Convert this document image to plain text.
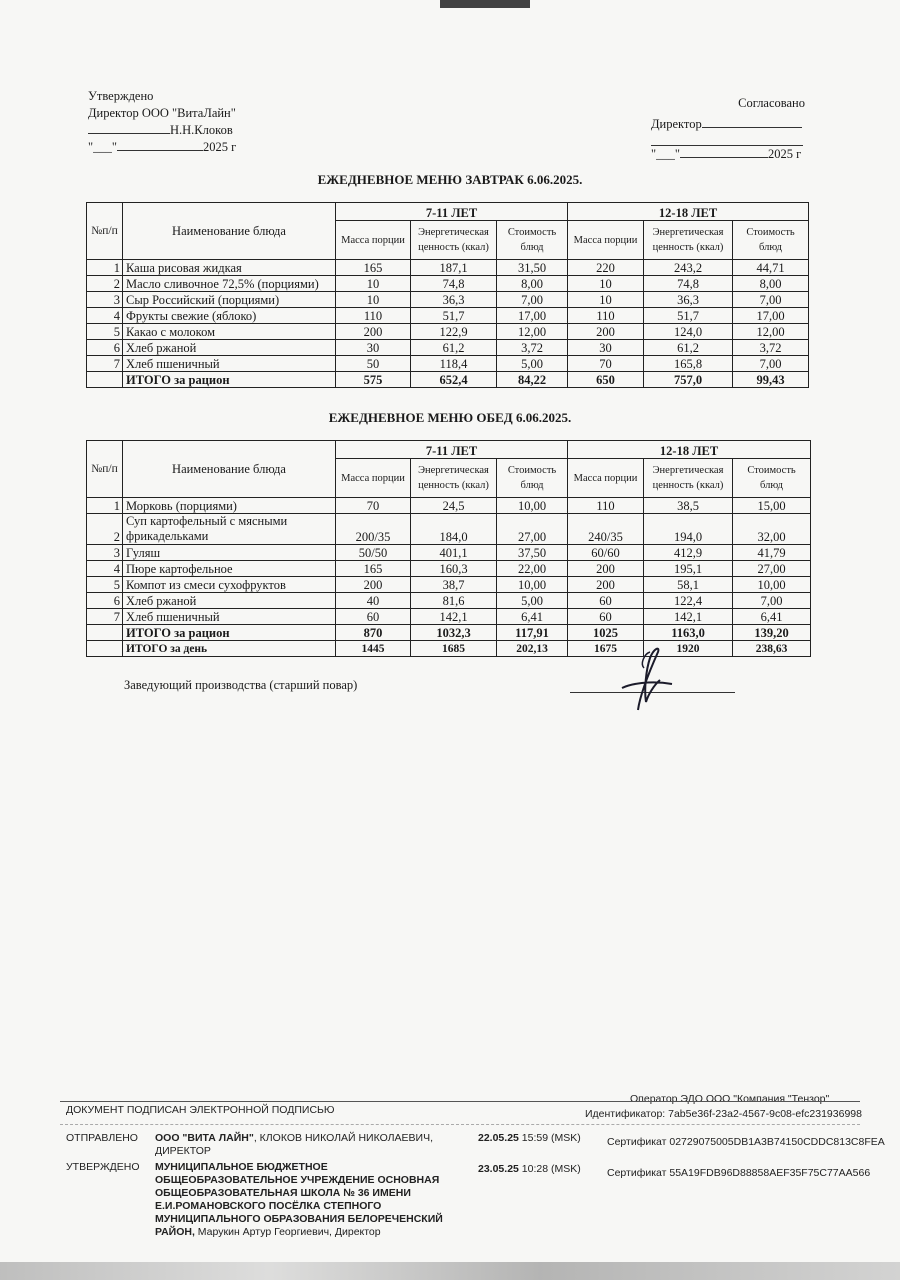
Утверждено
Директор ООО "ВитаЛайн"
Н.Н.Клоков
"___"	2025 г
Согласовано
Директор
"___"	2025 г
ЕЖЕДНЕВНОЕ МЕНЮ ЗАВТРАК 6.06.2025.
№п/п	Наименование блюда	7-11 ЛЕТ			12-18 ЛЕТ		
		Масса порции	Энергетическая ценность (ккал)	Стоимость блюд	Масса порции	Энергетическая ценность (ккал)	Стоимость блюд
1	Каша рисовая жидкая	165	187,1	31,50	220	243,2	44,71
2	Масло сливочное 72,5% (порциями)	10	74,8	8,00	10	74,8	8,00
3	Сыр Российский (порциями)	10	36,3	7,00	10	36,3	7,00
4	Фрукты свежие (яблоко)	110	51,7	17,00	110	51,7	17,00
5	Какао с молоком	200	122,9	12,00	200	124,0	12,00
6	Хлеб ржаной	30	61,2	3,72	30	61,2	3,72
7	Хлеб пшеничный	50	118,4	5,00	70	165,8	7,00
	ИТОГО за рацион	575	652,4	84,22	650	757,0	99,43
ЕЖЕДНЕВНОЕ МЕНЮ ОБЕД 6.06.2025.
№п/п	Наименование блюда	7-11 ЛЕТ			12-18 ЛЕТ		
		Масса порции	Энергетическая ценность (ккал)	Стоимость блюд	Масса порции	Энергетическая ценность (ккал)	Стоимость блюд
1	Морковь (порциями)	70	24,5	10,00	110	38,5	15,00
2	Суп картофельный с мясными фрикадельками	200/35	184,0	27,00	240/35	194,0	32,00
3	Гуляш	50/50	401,1	37,50	60/60	412,9	41,79
4	Пюре картофельное	165	160,3	22,00	200	195,1	27,00
5	Компот из смеси сухофруктов	200	38,7	10,00	200	58,1	10,00
6	Хлеб ржаной	40	81,6	5,00	60	122,4	7,00
7	Хлеб пшеничный	60	142,1	6,41	60	142,1	6,41
	ИТОГО за рацион	870	1032,3	117,91	1025	1163,0	139,20
	ИТОГО за день	1445	1685	202,13	1675	1920	238,63
Заведующий производства (старший повар)
Оператор ЭДО ООО "Компания "Тензор"
ДОКУМЕНТ ПОДПИСАН ЭЛЕКТРОННОЙ ПОДПИСЬЮ	Идентификатор: 7ab5e36f-23a2-4567-9c08-efc231936998
ОТПРАВЛЕНО ООО "ВИТА ЛАЙН", КЛОКОВ НИКОЛАЙ НИКОЛАЕВИЧ,
ДИРЕКТОР
22.05.25 15:59 (MSK)	Сертификат 02729075005DB1A3B74150CDDC813C8FEA
УТВЕРЖДЕНО МУНИЦИПАЛЬНОЕ БЮДЖЕТНОЕ ОБЩЕОБРАЗОВАТЕЛЬНОЕ УЧРЕЖДЕНИЕ ОСНОВНАЯ ОБЩЕОБРАЗОВАТЕЛЬНАЯ ШКОЛА № 36 ИМЕНИ Е.И.РОМАНОВСКОГО ПОСЁЛКА СТЕПНОГО МУНИЦИПАЛЬНОГО ОБРАЗОВАНИЯ БЕЛОРЕЧЕНСКИЙ РАЙОН, Марукин Артур Георгиевич, Директор
23.05.25 10:28 (MSK)	Сертификат 55A19FDB96D88858AEF35F75C77AA566
